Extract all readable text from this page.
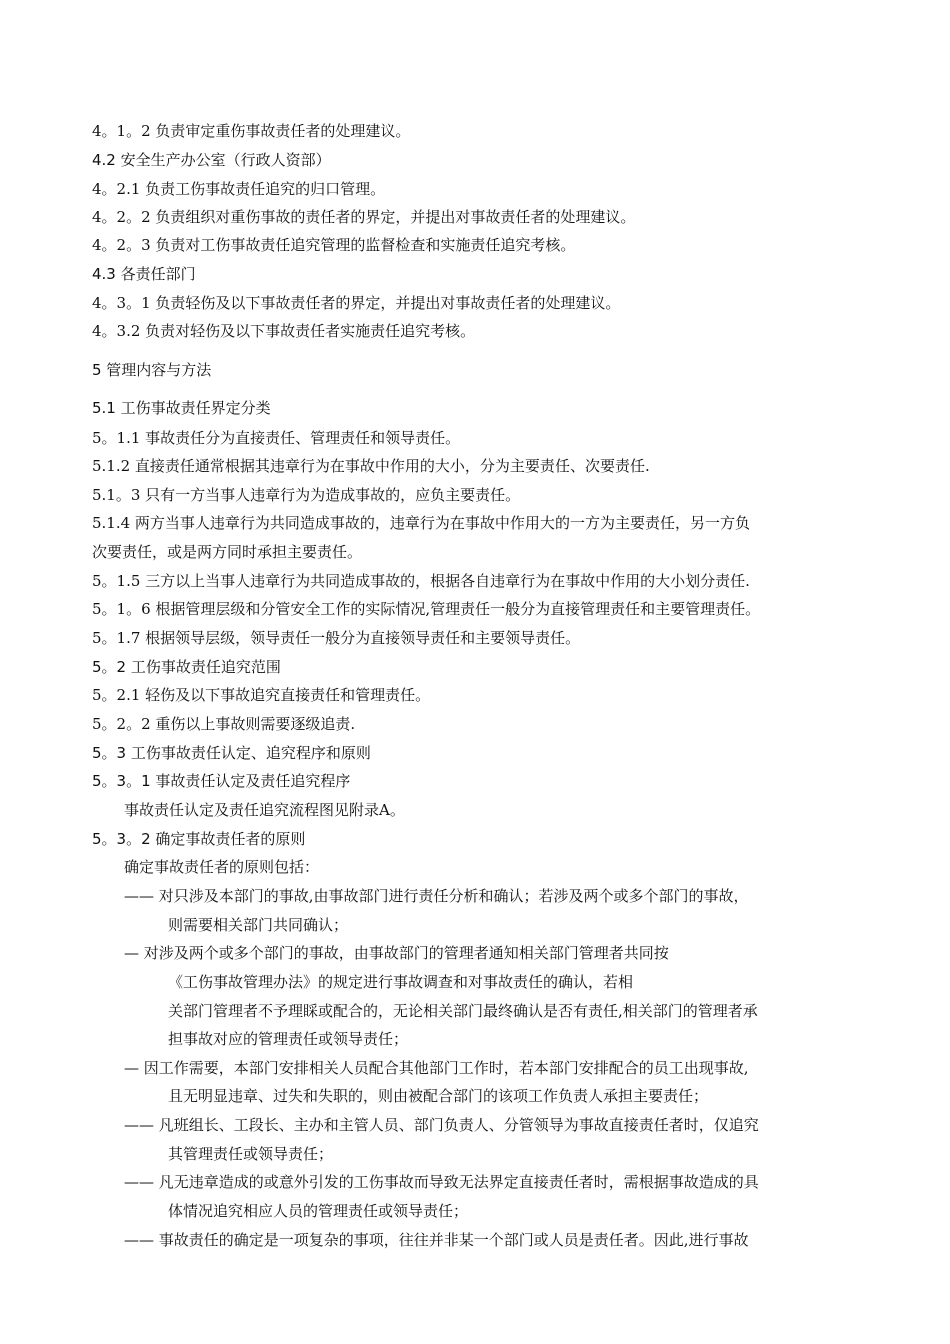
4。1。2 负责审定重伤事故责任者的处理建议。
4.2 安全生产办公室（行政人资部）
4。2.1 负责工伤事故责任追究的归口管理。
4。2。2 负责组织对重伤事故的责任者的界定，并提出对事故责任者的处理建议。
4。2。3 负责对工伤事故责任追究管理的监督检查和实施责任追究考核。
4.3 各责任部门
4。3。1 负责轻伤及以下事故责任者的界定，并提出对事故责任者的处理建议。
4。3.2 负责对轻伤及以下事故责任者实施责任追究考核。
5 管理内容与方法
5.1 工伤事故责任界定分类
5。1.1 事故责任分为直接责任、管理责任和领导责任。
5.1.2 直接责任通常根据其违章行为在事故中作用的大小，分为主要责任、次要责任.
5.1。3 只有一方当事人违章行为为造成事故的，应负主要责任。
5.1.4 两方当事人违章行为共同造成事故的，违章行为在事故中作用大的一方为主要责任，另一方负
次要责任，或是两方同时承担主要责任。
5。1.5 三方以上当事人违章行为共同造成事故的，根据各自违章行为在事故中作用的大小划分责任.
5。1。6 根据管理层级和分管安全工作的实际情况,管理责任一般分为直接管理责任和主要管理责任。
5。1.7 根据领导层级，领导责任一般分为直接领导责任和主要领导责任。
5。2 工伤事故责任追究范围
5。2.1 轻伤及以下事故追究直接责任和管理责任。
5。2。2 重伤以上事故则需要逐级追责.
5。3 工伤事故责任认定、追究程序和原则
5。3。1 事故责任认定及责任追究程序
事故责任认定及责任追究流程图见附录A。
5。3。2 确定事故责任者的原则
确定事故责任者的原则包括：
—— 对只涉及本部门的事故,由事故部门进行责任分析和确认；若涉及两个或多个部门的事故，
则需要相关部门共同确认；
— 对涉及两个或多个部门的事故，由事故部门的管理者通知相关部门管理者共同按
《工伤事故管理办法》的规定进行事故调查和对事故责任的确认，若相
关部门管理者不予理睬或配合的，无论相关部门最终确认是否有责任,相关部门的管理者承
担事故对应的管理责任或领导责任；
— 因工作需要，本部门安排相关人员配合其他部门工作时，若本部门安排配合的员工出现事故,
且无明显违章、过失和失职的，则由被配合部门的该项工作负责人承担主要责任；
—— 凡班组长、工段长、主办和主管人员、部门负责人、分管领导为事故直接责任者时，仅追究
其管理责任或领导责任；
—— 凡无违章造成的或意外引发的工伤事故而导致无法界定直接责任者时，需根据事故造成的具
体情况追究相应人员的管理责任或领导责任；
—— 事故责任的确定是一项复杂的事项，往往并非某一个部门或人员是责任者。因此,进行事故
